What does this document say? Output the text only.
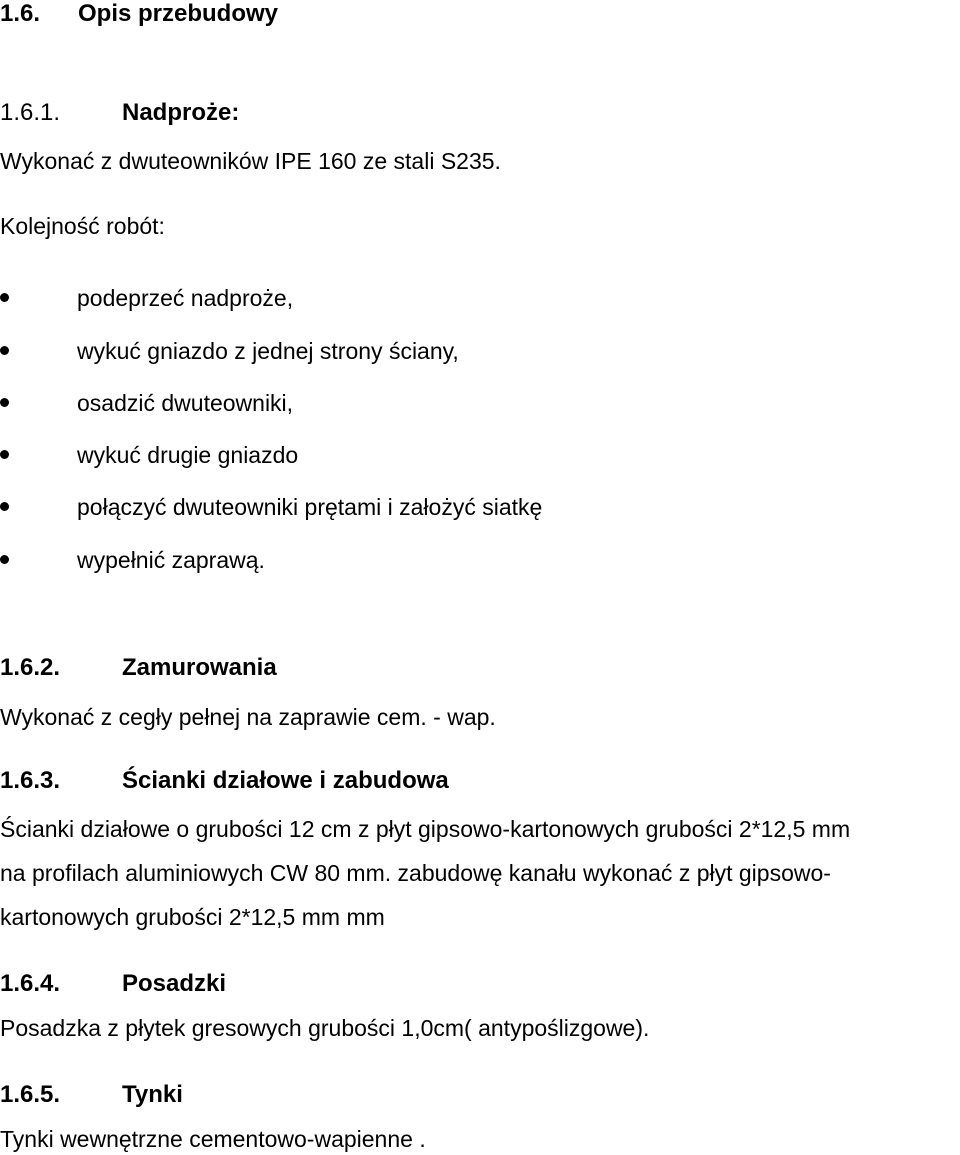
1.6. Opis przebudowy
1.6.1.	Nadproże:
Wykonać z dwuteowników IPE 160 ze stali S235.
Kolejność robót:
podeprzeć nadproże,
wykuć gniazdo z jednej strony ściany,
osadzić dwuteowniki,
wykuć drugie gniazdo
połączyć dwuteowniki prętami i założyć siatkę
wypełnić zaprawą.
1.6.2.	Zamurowania
Wykonać z cegły pełnej na zaprawie cem. - wap.
1.6.3.	Ścianki działowe i zabudowa
Ścianki działowe o grubości 12 cm z płyt gipsowo-kartonowych grubości 2*12,5 mm
na profilach aluminiowych CW 80 mm. zabudowę kanału wykonać z płyt gipsowo-
kartonowych grubości 2*12,5 mm mm
1.6.4.	Posadzki
Posadzka z płytek gresowych grubości 1,0cm( antypoślizgowe).
1.6.5.	Tynki
Tynki wewnętrzne cementowo-wapienne .
